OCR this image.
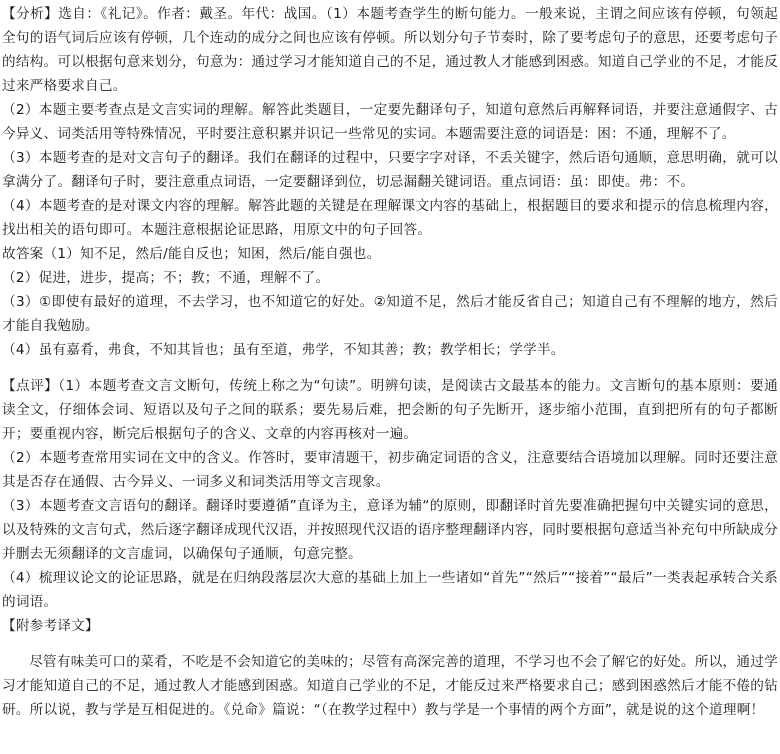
【分析】选自：《礼记》。作者：戴圣。年代：战国。（1）本题考查学生的断句能力。一般来说，主谓之间应该有停顿，句领起全句的语气词后应该有停顿，几个连动的成分之间也应该有停顿。所以划分句子节奏时，除了要考虑句子的意思，还要考虑句子的结构。可以根据句意来划分，句意为：通过学习才能知道自己的不足，通过教人才能感到困惑。知道自己学业的不足，才能反过来严格要求自己。

（2）本题主要考查点是文言实词的理解。解答此类题目，一定要先翻译句子，知道句意然后再解释词语，并要注意通假字、古今异义、词类活用等特殊情况，平时要注意积累并识记一些常见的实词。本题需要注意的词语是：困：不通，理解不了。

（3）本题考查的是对文言句子的翻译。我们在翻译的过程中，只要字字对译，不丢关键字，然后语句通顺，意思明确，就可以拿满分了。翻译句子时，要注意重点词语，一定要翻译到位，切忌漏翻关键词语。重点词语：虽：即使。弗：不。

（4）本题考查的是对课文内容的理解。解答此题的关键是在理解课文内容的基础上，根据题目的要求和提示的信息梳理内容，找出相关的语句即可。本题注意根据论证思路，用原文中的句子回答。

故答案（1）知不足，然后/能自反也；知困，然后/能自强也。

（2）促进，进步，提高；不；教；不通，理解不了。

（3）①即使有最好的道理，不去学习，也不知道它的好处。②知道不足，然后才能反省自己；知道自己有不理解的地方，然后才能自我勉励。

（4）虽有嘉肴，弗食，不知其旨也；虽有至道，弗学，不知其善；教；教学相长；学学半。

【点评】（1）本题考查文言文断句，传统上称之为“句读”。明辨句读，是阅读古文最基本的能力。文言断句的基本原则：要通读全文，仔细体会词、短语以及句子之间的联系；要先易后难，把会断的句子先断开，逐步缩小范围，直到把所有的句子都断开；要重视内容，断完后根据句子的含义、文章的内容再核对一遍。

（2）本题考查常用实词在文中的含义。作答时，要审清题干，初步确定词语的含义，注意要结合语境加以理解。同时还要注意其是否存在通假、古今异义、一词多义和词类活用等文言现象。

（3）本题考查文言语句的翻译。翻译时要遵循”直译为主，意译为辅“的原则，即翻译时首先要准确把握句中关键实词的意思，以及特殊的文言句式，然后逐字翻译成现代汉语，并按照现代汉语的语序整理翻译内容，同时要根据句意适当补充句中所缺成分并删去无须翻译的文言虚词，以确保句子通顺，句意完整。

（4）梳理议论文的论证思路，就是在归纳段落层次大意的基础上加上一些诸如“首先”“然后”“接着”“最后”一类表起承转合关系的词语。

【附参考译文】

尽管有味美可口的菜肴，不吃是不会知道它的美味的；尽管有高深完善的道理，不学习也不会了解它的好处。所以，通过学习才能知道自己的不足，通过教人才能感到困惑。知道自己学业的不足，才能反过来严格要求自己；感到困惑然后才能不倦的钻研。所以说，教与学是互相促进的。《兑命》篇说：“（在教学过程中）教与学是一个事情的两个方面”，就是说的这个道理啊！
